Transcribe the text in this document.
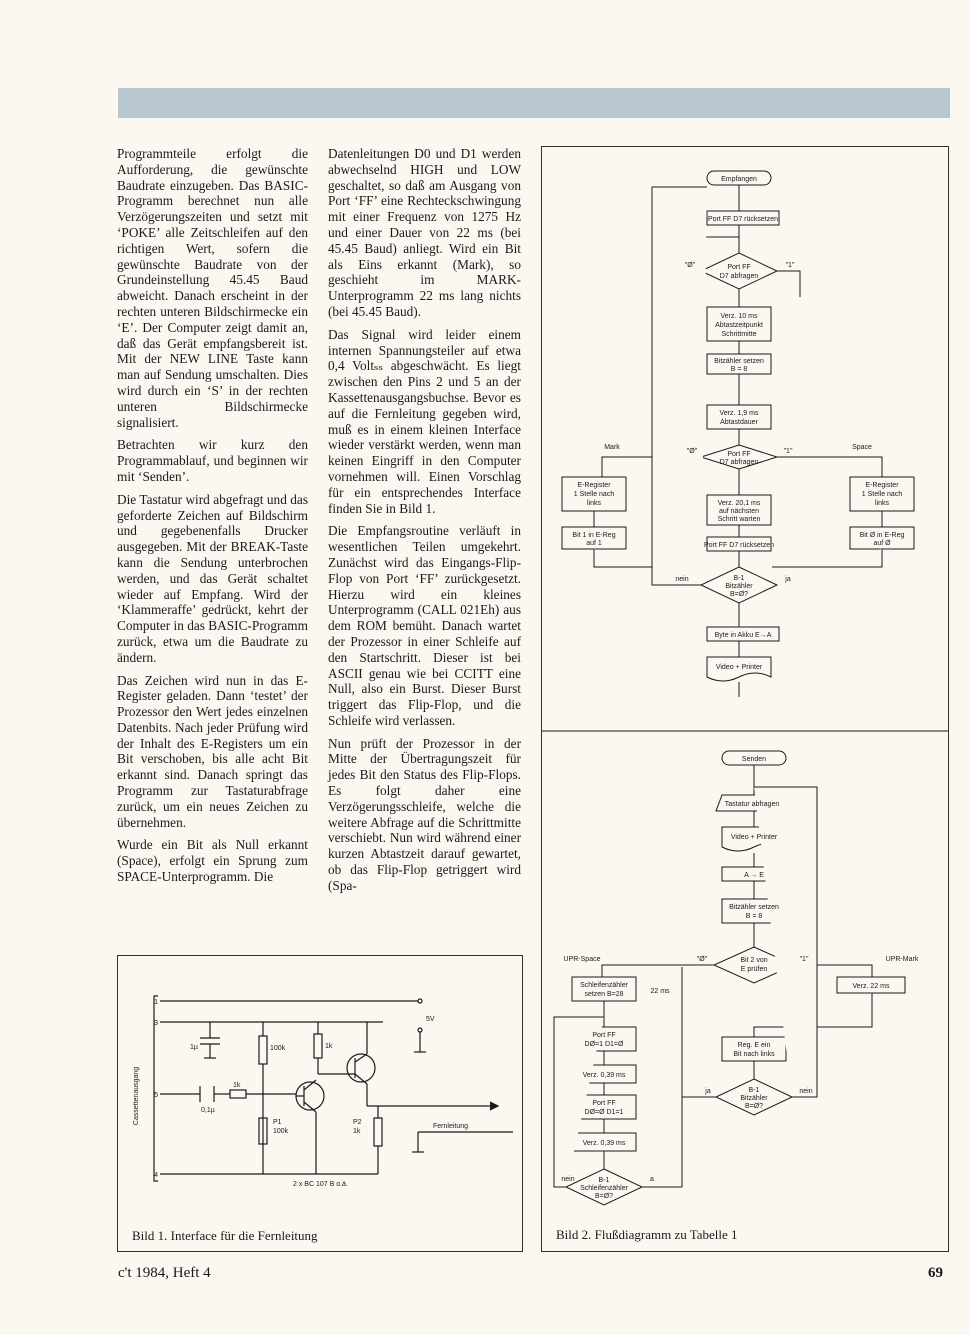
Programmteile erfolgt die Aufforderung, die gewünschte Baudrate einzugeben. Das BASIC-Programm berechnet nun alle Verzögerungszeiten und setzt mit ‘POKE’ alle Zeitschleifen auf den richtigen Wert, sofern die gewünschte Baudrate von der Grundeinstellung 45.45 Baud abweicht. Danach erscheint in der rechten unteren Bildschirmecke ein ‘E’. Der Computer zeigt damit an, daß das Gerät empfangsbereit ist. Mit der NEW LINE Taste kann man auf Sendung umschalten. Dies wird durch ein ‘S’ in der rechten unteren Bildschirmecke signalisiert.

Betrachten wir kurz den Programmablauf, und beginnen wir mit ‘Senden’.

Die Tastatur wird abgefragt und das geforderte Zeichen auf Bildschirm und gegebenenfalls Drucker ausgegeben. Mit der BREAK-Taste kann die Sendung unterbrochen werden, und das Gerät schaltet wieder auf Empfang. Wird der ‘Klammeraffe’ gedrückt, kehrt der Computer in das BASIC-Programm zurück, etwa um die Baudrate zu ändern.

Das Zeichen wird nun in das E-Register geladen. Dann ‘testet’ der Prozessor den Wert jedes einzelnen Datenbits. Nach jeder Prüfung wird der Inhalt des E-Registers um ein Bit verschoben, bis alle acht Bit erkannt sind. Danach springt das Programm zur Tastaturabfrage zurück, um ein neues Zeichen zu übernehmen.

Wurde ein Bit als Null erkannt (Space), erfolgt ein Sprung zum SPACE-Unterprogramm. Die

Datenleitungen D0 und D1 werden abwechselnd HIGH und LOW geschaltet, so daß am Ausgang von Port ‘FF’ eine Rechteckschwingung mit einer Frequenz von 1275 Hz und einer Dauer von 22 ms (bei 45.45 Baud) anliegt. Wird ein Bit als Eins erkannt (Mark), so geschieht im MARK-Unterprogramm 22 ms lang nichts (bei 45.45 Baud).

Das Signal wird leider einem internen Spannungsteiler auf etwa 0,4 Voltₛₛ abgeschwächt. Es liegt zwischen den Pins 2 und 5 an der Kassettenausgangsbuchse. Bevor es auf die Fernleitung gegeben wird, muß es in einem kleinen Interface wieder verstärkt werden, wenn man keinen Eingriff in den Computer vornehmen will. Einen Vorschlag für ein entsprechendes Interface finden Sie in Bild 1.

Die Empfangsroutine verläuft in wesentlichen Teilen umgekehrt. Zunächst wird das Eingangs-Flip-Flop von Port ‘FF’ zurückgesetzt. Hierzu wird ein kleines Unterprogramm (CALL 021Eh) aus dem ROM bemüht. Danach wartet der Prozessor in einer Schleife auf den Startschritt. Dieser ist bei ASCII genau wie bei CCITT eine Null, also ein Burst. Dieser Burst triggert das Flip-Flop, und die Schleife wird verlassen.

Nun prüft der Prozessor in der Mitte der Übertragungszeit für jedes Bit den Status des Flip-Flops. Es folgt daher eine Verzögerungsschleife, welche die weitere Abfrage auf die Schrittmitte verschiebt. Nun wird während einer kurzen Abtastzeit darauf gewartet, ob das Flip-Flop getriggert wird (Spa-

1
3
5
4
Cassettenausgang
1µ
0,1µ
1k
100k	1k
P1
100k
P2
1k
5V
Fernleitung
2 x BC 107 B o.ä.
Bild 1. Interface für die Fernleitung
Empfangen
Port FF D7 rücksetzen
Port FF
D7 abfragen
"Ø"	"1"
Verz. 10 ms
Abtastzeitpunkt
Schrittmitte
Bitzähler setzen
B = 8
Verz. 1,9 ms
Abtastdauer
Mark	Space
"Ø"	"1"
Port FF
D7 abfragen
E-Register
1 Stelle nach
links
Bit 1 in E-Reg
auf 1
E-Register
1 Stelle nach
links
Bit Ø in E-Reg
auf Ø
Verz. 20,1 ms
auf nächsten
Schritt warten
Port FF D7 rücksetzen
B-1
Bitzähler
B=Ø?
nein	ja
Byte in Akku E→A
Video + Printer
Senden
Tastatur abfragen
Video + Printer
A → E
Bitzähler setzen
B = 8
UPR-Space	UPR-Mark
Bit 2 von
E prüfen
"Ø"	"1"
Schleifenzähler
setzen B=28	22 ms
Verz. 22 ms
Port FF
DØ=1 D1=Ø
Verz. 0,39 ms
Port FF
DØ=Ø D1=1
Verz. 0,39 ms
Reg. E ein
Bit nach links
B-1
Bitzähler
B=Ø?
ja	nein
B-1
Schleifenzähler
B=Ø?
nein	a
Bild 2. Flußdiagramm zu Tabelle 1
c't 1984, Heft 4	69
